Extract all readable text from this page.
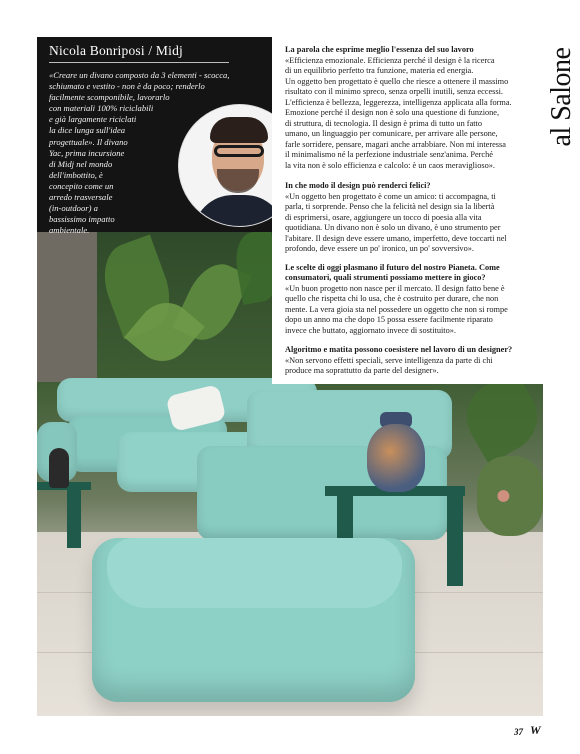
Nicola Bonriposi / Midj
«Creare un divano composto da 3 elementi - scocca,
schiumato e vestito - non è da poco; renderlo
facilmente scomponibile, lavorarlo
con materiali 100% riciclabili
e già largamente riciclati
la dice lunga sull'idea
progettuale». Il divano
Yac, prima incursione
di Midj nel mondo
dell'imbottito, è
concepito come un
arredo trasversale
(in-outdoor) a
bassissimo impatto
ambientale.
La parola che esprime meglio l'essenza del suo lavoro
«Efficienza emozionale. Efficienza perché il design è la ricerca
di un equilibrio perfetto tra funzione, materia ed energia.
Un oggetto ben progettato è quello che riesce a ottenere il massimo
risultato con il minimo spreco, senza orpelli inutili, senza eccessi.
L'efficienza è bellezza, leggerezza, intelligenza applicata alla forma.
Emozione perché il design non è solo una questione di funzione,
di struttura, di tecnologia. Il design è prima di tutto un fatto
umano, un linguaggio per comunicare, per arrivare alle persone,
farle sorridere, pensare, magari anche arrabbiare. Non mi interessa
il minimalismo né la perfezione industriale senz'anima. Perché
la vita non è solo efficienza e calcolo: è un caos meraviglioso».
In che modo il design può renderci felici?
«Un oggetto ben progettato è come un amico: ti accompagna, ti
parla, ti sorprende. Penso che la felicità nel design sia la libertà
di esprimersi, osare, aggiungere un tocco di poesia alla vita
quotidiana. Un divano non è solo un divano, è uno strumento per
l'abitare. Il design deve essere umano, imperfetto, deve toccarti nel
profondo, deve essere un po' ironico, un po' sovversivo».
Le scelte di oggi plasmano il futuro del nostro Pianeta. Come
consumatori, quali strumenti possiamo mettere in gioco?
«Un buon progetto non nasce per il mercato. Il design fatto bene è
quello che rispetta chi lo usa, che è costruito per durare, che non
mente. La vera gioia sta nel possedere un oggetto che non si rompe
dopo un anno ma che dopo 15 possa essere facilmente riparato
invece che buttato, aggiornato invece di sostituito».
Algoritmo e matita possono coesistere nel lavoro di un designer?
«Non servono effetti speciali, serve intelligenza da parte di chi
produce ma soprattutto da parte del designer».
al Salone
37 W
